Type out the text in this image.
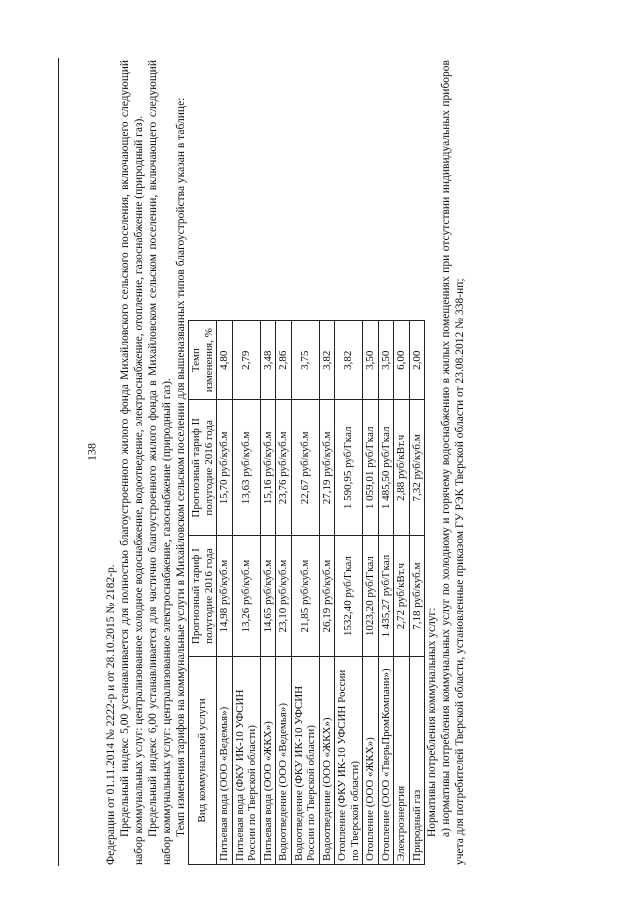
138

Федерации от 01.11.2014 № 2222-р и от 28.10.2015 № 2182-р. Предельный индекс 5,00 устанавливается для полностью благоустроенного жилого фонда Михайловского сельского поселения, включающего следующий набор коммунальных услуг: централизованное холодное водоснабжение, водоотведение, электроснабжение, отопление, газоснабжение (природный газ). Предельный индекс 6,00 устанавливается для частично благоустроенного жилого фонда в Михайловском сельском поселении, включающего следующий набор коммунальных услуг: централизованное электроснабжение, газоснабжение (природный газ). Темп изменения тарифов на коммунальные услуги в Михайловском сельском поселении для вышеназванных типов благоустройства указан в таблице: Вид коммунальной услуги	Прогнозный тариф I полугодие 2016 года	Прогнозный тариф II полугодие 2016 года	Темп изменения, %
Питьевая вода (ООО «Ведемья»)	14,98 руб/куб.м	15,70 руб/куб.м	4,80
Питьевая вода (ФКУ ИК-10 УФСИН России по Тверской области)	13,26 руб/куб.м	13,63 руб/куб.м	2,79
Питьевая вода (ООО «ЖКХ»)	14,65 руб/куб.м	15,16 руб/куб.м	3,48
Водоотведение (ООО «Ведемья»)	23,10 руб/куб.м	23,76 руб/куб.м	2,86
Водоотведение (ФКУ ИК-10 УФСИН России по Тверской области)	21,85 руб/куб.м	22,67 руб/куб.м	3,75
Водоотведение (ООО «ЖКХ»)	26,19 руб/куб.м	27,19 руб/куб.м	3,82
Отопление (ФКУ ИК-10 УФСИН России по Тверской области)	1532,40 руб/Гкал	1 590,95 руб/Гкал	3,82
Отопление (ООО «ЖКХ»)	1023,20 руб/Гкал	1 059,01 руб/Гкал	3,50
Отопление (ООО «ТверьПромКомпани»)	1 435,27 руб/Гкал	1 485,50 руб/Гкал	3,50
Электроэнергия	2,72 руб/кВт.ч	2,88 руб/кВт.ч	6,00
Природный газ	7,18 руб/куб.м	7,32 руб/куб.м	2,00

Нормативы потребления коммунальных услуг: а) нормативы потребления коммунальных услуг по холодному и горячему водоснабжению в жилых помещениях при отсутствии индивидуальных приборов учета для потребителей Тверской области, установленные приказом ГУ РЭК Тверской области от 23.08.2012 № 338-нп;
